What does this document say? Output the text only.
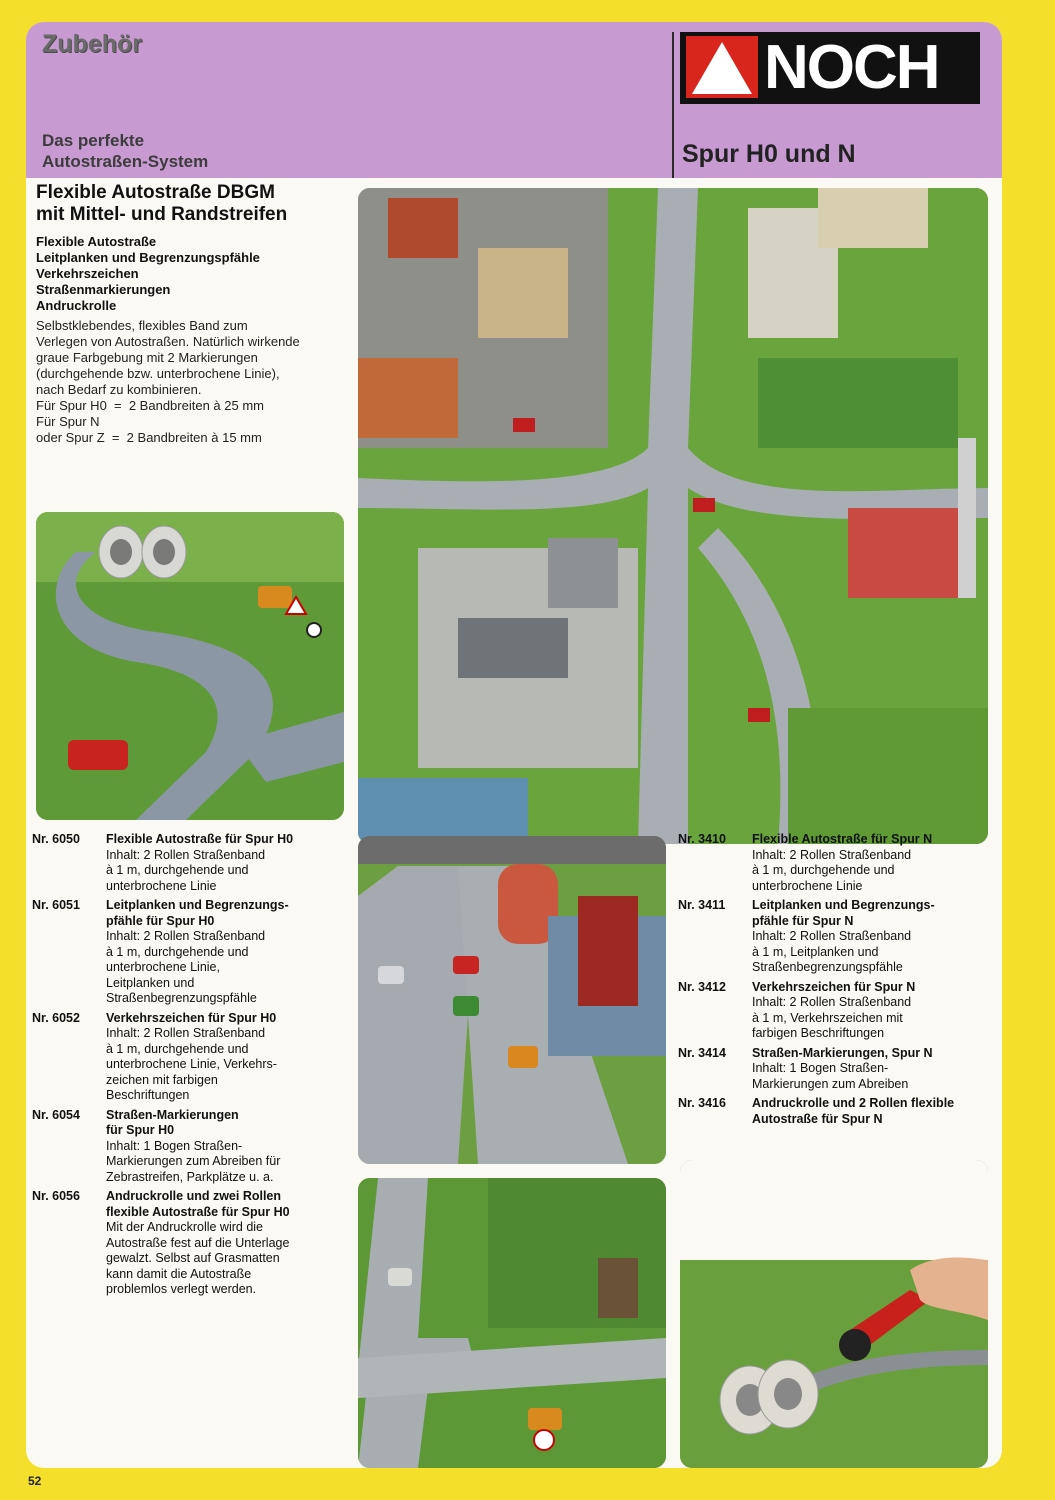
Zubehör
Das perfekte
Autostraßen-System
NOCH
Spur H0 und N
Flexible Autostraße DBGM
mit Mittel- und Randstreifen
Flexible Autostraße
Leitplanken und Begrenzungspfähle
Verkehrszeichen
Straßenmarkierungen
Andruckrolle
Selbstklebendes, flexibles Band zum
Verlegen von Autostraßen. Natürlich wirkende
graue Farbgebung mit 2 Markierungen
(durchgehende bzw. unterbrochene Linie),
nach Bedarf zu kombinieren.
Für Spur H0  =  2 Bandbreiten à 25 mm
Für Spur N
oder Spur Z  =  2 Bandbreiten à 15 mm
Nr. 6050 Flexible Autostraße für Spur H0
Inhalt: 2 Rollen Straßenband
à 1 m, durchgehende und
unterbrochene Linie
Nr. 6051 Leitplanken und Begrenzungs-
pfähle für Spur H0
Inhalt: 2 Rollen Straßenband
à 1 m, durchgehende und
unterbrochene Linie,
Leitplanken und
Straßenbegrenzungspfähle
Nr. 6052 Verkehrszeichen für Spur H0
Inhalt: 2 Rollen Straßenband
à 1 m, durchgehende und
unterbrochene Linie, Verkehrs-
zeichen mit farbigen
Beschriftungen
Nr. 6054 Straßen-Markierungen
für Spur H0
Inhalt: 1 Bogen Straßen-
Markierungen zum Abreiben für
Zebrastreifen, Parkplätze u. a.
Nr. 6056 Andruckrolle und zwei Rollen
flexible Autostraße für Spur H0
Mit der Andruckrolle wird die
Autostraße fest auf die Unterlage
gewalzt. Selbst auf Grasmatten
kann damit die Autostraße
problemlos verlegt werden.
Nr. 3410 Flexible Autostraße für Spur N
Inhalt: 2 Rollen Straßenband
à 1 m, durchgehende und
unterbrochene Linie
Nr. 3411 Leitplanken und Begrenzungs-
pfähle für Spur N
Inhalt: 2 Rollen Straßenband
à 1 m, Leitplanken und
Straßenbegrenzungspfähle
Nr. 3412 Verkehrszeichen für Spur N
Inhalt: 2 Rollen Straßenband
à 1 m, Verkehrszeichen mit
farbigen Beschriftungen
Nr. 3414 Straßen-Markierungen, Spur N
Inhalt: 1 Bogen Straßen-
Markierungen zum Abreiben
Nr. 3416 Andruckrolle und 2 Rollen flexible
Autostraße für Spur N
52
